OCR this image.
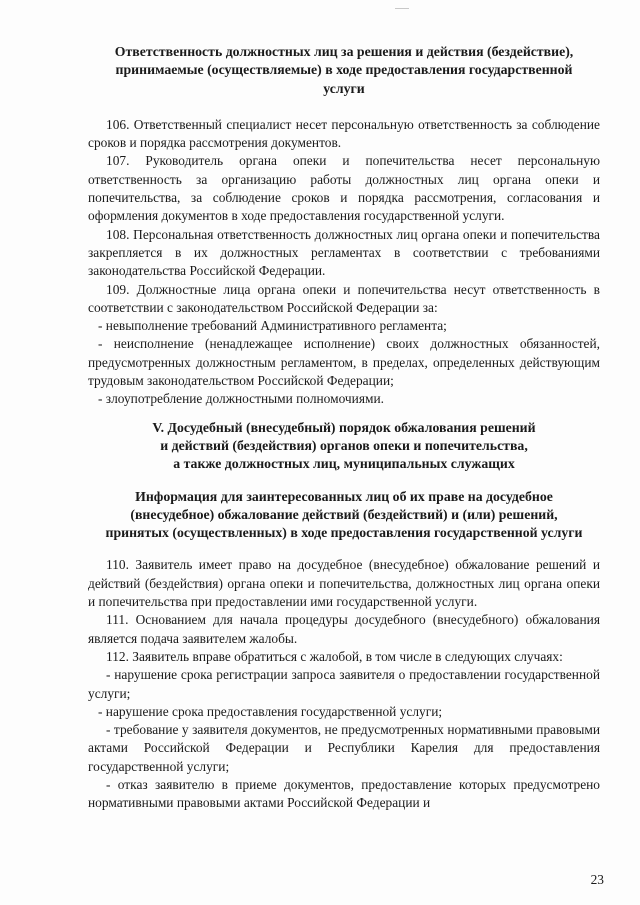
Ответственность должностных лиц за решения и действия (бездействие),
принимаемые (осуществляемые) в ходе предоставления государственной
услуги

106. Ответственный специалист несет персональную ответственность за соблюдение сроков и порядка рассмотрения документов.

107. Руководитель органа опеки и попечительства несет персональную ответственность за организацию работы должностных лиц органа опеки и попечительства, за соблюдение сроков и порядка рассмотрения, согласования и оформления документов в ходе предоставления государственной услуги.

108. Персональная ответственность должностных лиц органа опеки и попечительства закрепляется в их должностных регламентах в соответствии с требованиями законодательства Российской Федерации.

109. Должностные лица органа опеки и попечительства несут ответственность в соответствии с законодательством Российской Федерации за:

- невыполнение требований Административного регламента;

- неисполнение (ненадлежащее исполнение) своих должностных обязанностей, предусмотренных должностным регламентом, в пределах, определенных действующим трудовым законодательством Российской Федерации;

- злоупотребление должностными полномочиями.

V. Досудебный (внесудебный) порядок обжалования решений
и действий (бездействия) органов опеки и попечительства,
а также должностных лиц, муниципальных служащих
Информация для заинтересованных лиц об их праве на досудебное
(внесудебное) обжалование действий (бездействий) и (или) решений,
принятых (осуществленных) в ходе предоставления государственной услуги

110. Заявитель имеет право на досудебное (внесудебное) обжалование решений и действий (бездействия) органа опеки и попечительства, должностных лиц органа опеки и попечительства при предоставлении ими государственной услуги.

111. Основанием для начала процедуры досудебного (внесудебного) обжалования является подача заявителем жалобы.

112. Заявитель вправе обратиться с жалобой, в том числе в следующих случаях:

- нарушение срока регистрации запроса заявителя о предоставлении государственной услуги;

- нарушение срока предоставления государственной услуги;

- требование у заявителя документов, не предусмотренных нормативными правовыми актами Российской Федерации и Республики Карелия для предоставления государственной услуги;

- отказ заявителю в приеме документов, предоставление которых предусмотрено нормативными правовыми актами Российской Федерации и

23
